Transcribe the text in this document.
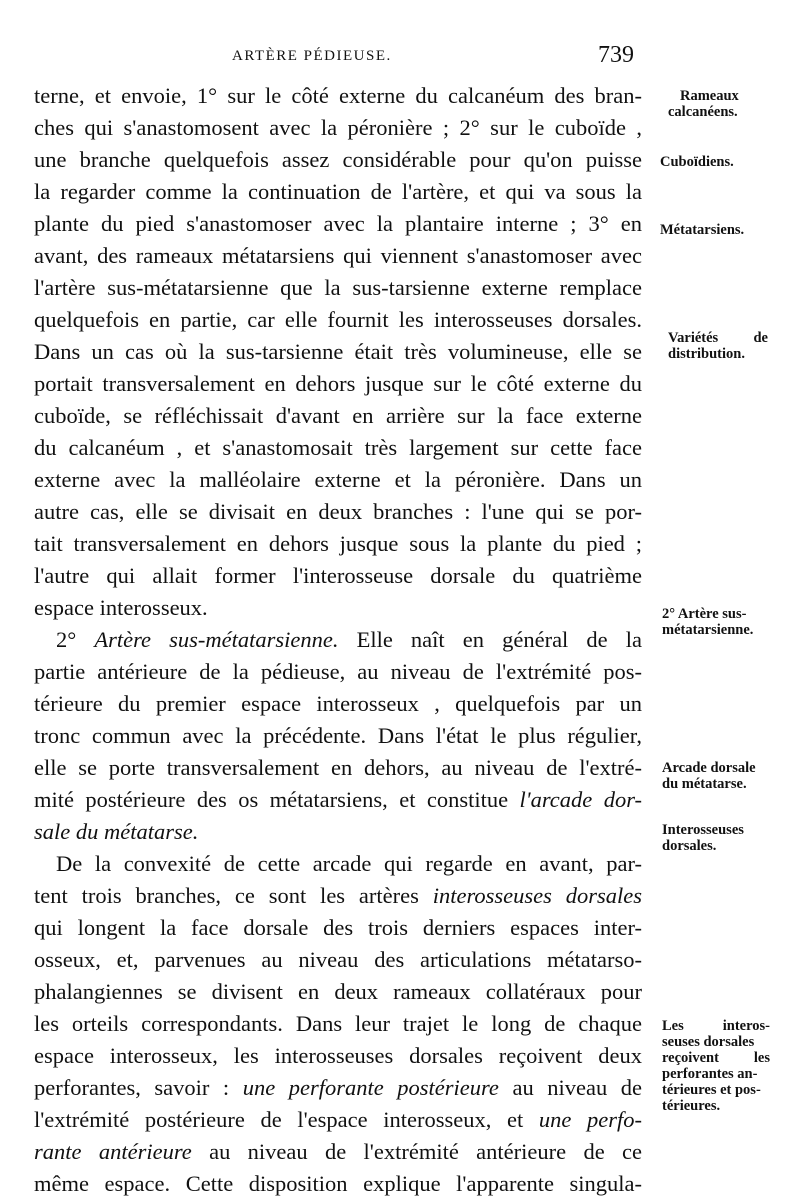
ARTÈRE PÉDIEUSE.	739
terne, et envoie, 1° sur le côté externe du calcanéum des bran-
ches qui s'anastomosent avec la péronière ; 2° sur le cuboïde ,
une branche quelquefois assez considérable pour qu'on puisse
la regarder comme la continuation de l'artère, et qui va sous la
plante du pied s'anastomoser avec la plantaire interne ; 3° en
avant, des rameaux métatarsiens qui viennent s'anastomoser avec
l'artère sus-métatarsienne que la sus-tarsienne externe remplace
quelquefois en partie, car elle fournit les interosseuses dorsales.
Dans un cas où la sus-tarsienne était très volumineuse, elle se
portait transversalement en dehors jusque sur le côté externe du
cuboïde, se réfléchissait d'avant en arrière sur la face externe
du calcanéum , et s'anastomosait très largement sur cette face
externe avec la malléolaire externe et la péronière. Dans un
autre cas, elle se divisait en deux branches : l'une qui se por-
tait transversalement en dehors jusque sous la plante du pied ;
l'autre qui allait former l'interosseuse dorsale du quatrième
espace interosseux.
2° Artère sus-métatarsienne. Elle naît en général de la
partie antérieure de la pédieuse, au niveau de l'extrémité pos-
térieure du premier espace interosseux , quelquefois par un
tronc commun avec la précédente. Dans l'état le plus régulier,
elle se porte transversalement en dehors, au niveau de l'extré-
mité postérieure des os métatarsiens, et constitue l'arcade dor-
sale du métatarse.
De la convexité de cette arcade qui regarde en avant, par-
tent trois branches, ce sont les artères interosseuses dorsales
qui longent la face dorsale des trois derniers espaces inter-
osseux, et, parvenues au niveau des articulations métatarso-
phalangiennes se divisent en deux rameaux collatéraux pour
les orteils correspondants. Dans leur trajet le long de chaque
espace interosseux, les interosseuses dorsales reçoivent deux
perforantes, savoir : une perforante postérieure au niveau de
l'extrémité postérieure de l'espace interosseux, et une perfo-
rante antérieure au niveau de l'extrémité antérieure de ce
même espace. Cette disposition explique l'apparente singula-
Rameaux
calcanéens.
Cuboïdiens.
Métatarsiens.
Variétés de
distribution.
2° Artère sus-
métatarsienne.
Arcade dorsale
du métatarse.
Interosseuses
dorsales.
Les interos-
seuses dorsales
reçoivent les
perforantes an-
térieures et pos-
térieures.
